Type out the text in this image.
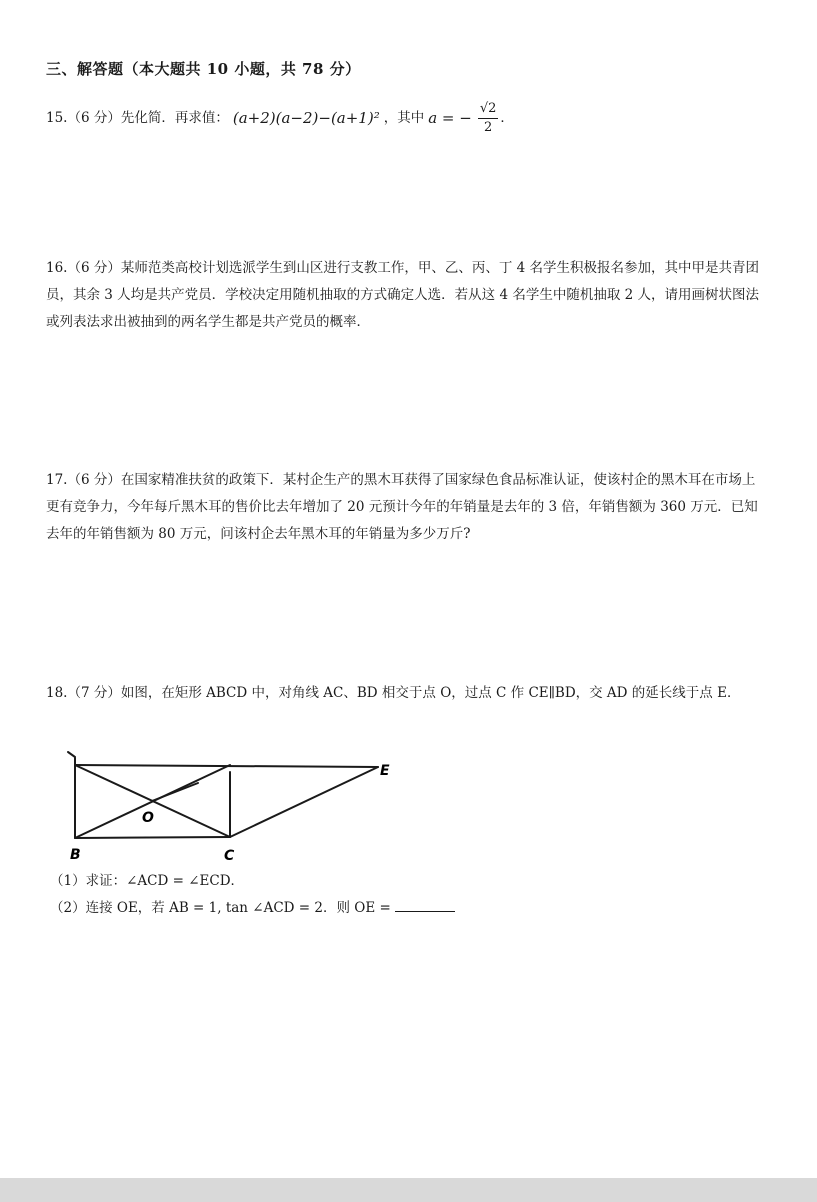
三、解答题（本大题共 10 小题，共 78 分）
15.（6 分）先化简．再求值： (a+2)(a−2)−(a+1)² ，其中 a = − $\frac{√2}{2}$ ．
16.（6 分）某师范类高校计划选派学生到山区进行支教工作，甲、乙、丙、丁 4 名学生积极报名参加，其中甲是共青团员，其余 3 人均是共产党员．学校决定用随机抽取的方式确定人选．若从这 4 名学生中随机抽取 2 人，请用画树状图法或列表法求出被抽到的两名学生都是共产党员的概率．
17.（6 分）在国家精准扶贫的政策下．某村企生产的黑木耳获得了国家绿色食品标准认证，使该村企的黑木耳在市场上更有竞争力，今年每斤黑木耳的售价比去年增加了 20 元预计今年的年销量是去年的 3 倍，年销售额为 360 万元．已知去年的年销售额为 80 万元，问该村企去年黑木耳的年销量为多少万斤?
18.（7 分）如图，在矩形 ABCD 中，对角线 AC、BD 相交于点 O，过点 C 作 CE∥BD，交 AD 的延长线于点 E．
E
O
B	C
（1）求证：∠ACD = ∠ECD．
（2）连接 OE，若 AB = 1, tan ∠ACD = 2．则 OE =
